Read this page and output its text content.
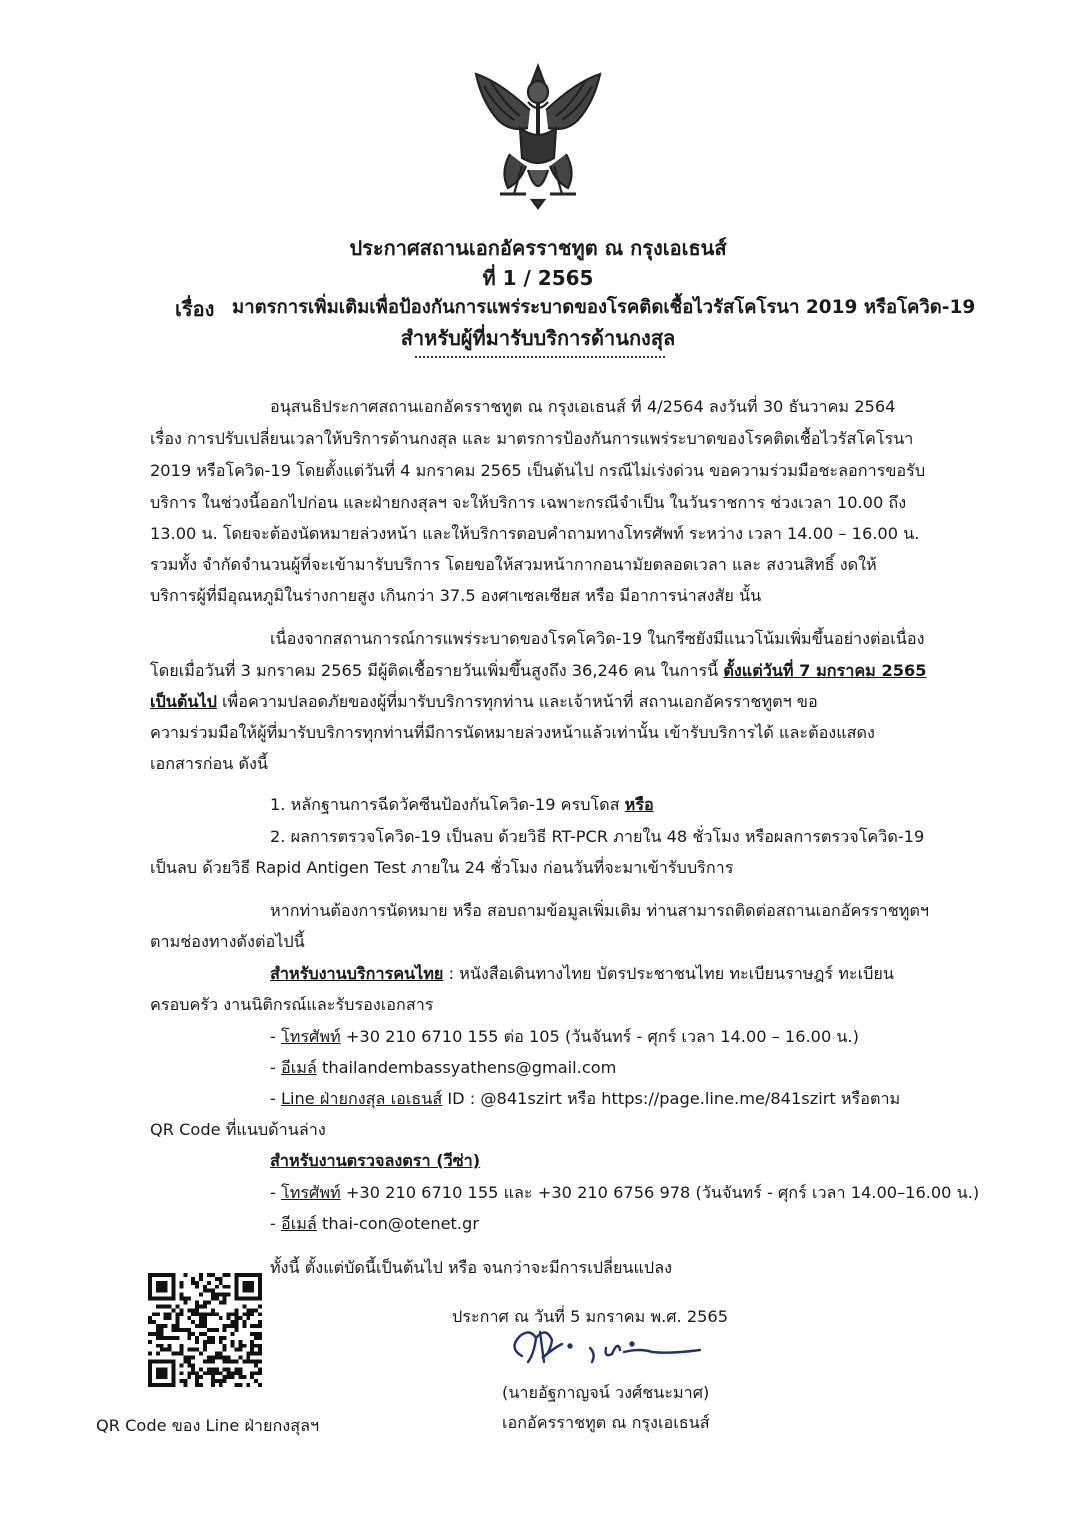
ประกาศสถานเอกอัครราชทูต ณ กรุงเอเธนส์
ที่ 1 / 2565
เรื่อง มาตรการเพิ่มเติมเพื่อป้องกันการแพร่ระบาดของโรคติดเชื้อไวรัสโคโรนา 2019 หรือโควิด-19
สำหรับผู้ที่มารับบริการด้านกงสุล
อนุสนธิประกาศสถานเอกอัครราชทูต ณ กรุงเอเธนส์ ที่ 4/2564 ลงวันที่ 30 ธันวาคม 2564
เรื่อง การปรับเปลี่ยนเวลาให้บริการด้านกงสุล และ มาตรการป้องกันการแพร่ระบาดของโรคติดเชื้อไวรัสโคโรนา
2019 หรือโควิด-19 โดยตั้งแต่วันที่ 4 มกราคม 2565 เป็นต้นไป กรณีไม่เร่งด่วน ขอความร่วมมือชะลอการขอรับ
บริการ ในช่วงนี้ออกไปก่อน และฝ่ายกงสุลฯ จะให้บริการ เฉพาะกรณีจำเป็น ในวันราชการ ช่วงเวลา 10.00 ถึง
13.00 น. โดยจะต้องนัดหมายล่วงหน้า และให้บริการตอบคำถามทางโทรศัพท์ ระหว่าง เวลา 14.00 – 16.00 น.
รวมทั้ง จำกัดจำนวนผู้ที่จะเข้ามารับบริการ โดยขอให้สวมหน้ากากอนามัยตลอดเวลา และ สงวนสิทธิ์ งดให้
บริการผู้ที่มีอุณหภูมิในร่างกายสูง เกินกว่า 37.5 องศาเซลเซียส หรือ มีอาการน่าสงสัย นั้น
เนื่องจากสถานการณ์การแพร่ระบาดของโรคโควิด-19 ในกรีซยังมีแนวโน้มเพิ่มขึ้นอย่างต่อเนื่อง
โดยเมื่อวันที่ 3 มกราคม 2565 มีผู้ติดเชื้อรายวันเพิ่มขึ้นสูงถึง 36,246 คน ในการนี้ ตั้งแต่วันที่ 7 มกราคม 2565
เป็นต้นไป เพื่อความปลอดภัยของผู้ที่มารับบริการทุกท่าน และเจ้าหน้าที่ สถานเอกอัครราชทูตฯ ขอ
ความร่วมมือให้ผู้ที่มารับบริการทุกท่านที่มีการนัดหมายล่วงหน้าแล้วเท่านั้น เข้ารับบริการได้ และต้องแสดง
เอกสารก่อน ดังนี้
1. หลักฐานการฉีดวัคซีนป้องกันโควิด-19 ครบโดส หรือ
2. ผลการตรวจโควิด-19 เป็นลบ ด้วยวิธี RT-PCR ภายใน 48 ชั่วโมง หรือผลการตรวจโควิด-19
เป็นลบ ด้วยวิธี Rapid Antigen Test ภายใน 24 ชั่วโมง ก่อนวันที่จะมาเข้ารับบริการ
หากท่านต้องการนัดหมาย หรือ สอบถามข้อมูลเพิ่มเติม ท่านสามารถติดต่อสถานเอกอัครราชทูตฯ
ตามช่องทางดังต่อไปนี้
สำหรับงานบริการคนไทย : หนังสือเดินทางไทย บัตรประชาชนไทย ทะเบียนราษฎร์ ทะเบียน
ครอบครัว งานนิติกรณ์และรับรองเอกสาร
- โทรศัพท์ +30 210 6710 155 ต่อ 105 (วันจันทร์ - ศุกร์ เวลา 14.00 – 16.00 น.)
- อีเมล์ thailandembassyathens@gmail.com
- Line ฝ่ายกงสุล เอเธนส์ ID : @841szirt หรือ https://page.line.me/841szirt หรือตาม
QR Code ที่แนบด้านล่าง
สำหรับงานตรวจลงตรา (วีซ่า)
- โทรศัพท์ +30 210 6710 155 และ +30 210 6756 978 (วันจันทร์ - ศุกร์ เวลา 14.00–16.00 น.)
- อีเมล์ thai-con@otenet.gr
ทั้งนี้ ตั้งแต่บัดนี้เป็นต้นไป หรือ จนกว่าจะมีการเปลี่ยนแปลง
ประกาศ ณ วันที่ 5 มกราคม พ.ศ. 2565
(นายอัฐกาญจน์ วงศ์ชนะมาศ)
เอกอัครราชทูต ณ กรุงเอเธนส์
QR Code ของ Line ฝ่ายกงสุลฯ
